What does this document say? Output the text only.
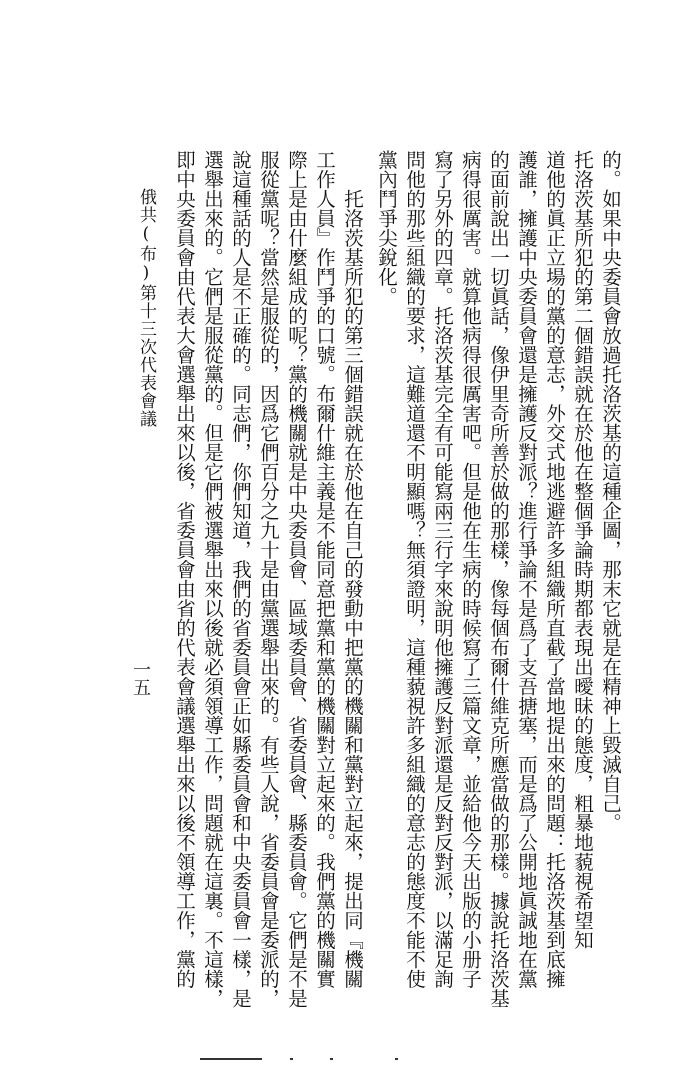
的。如果中央委員會放過托洛茨基的這種企圖，那末它就是在精神上毀滅自己。
托洛茨基所犯的第二個錯誤就在於他在整個爭論時期都表現出曖昧的態度，粗暴地藐視希望知
道他的眞正立場的黨的意志，外交式地逃避許多組織所直截了當地提出來的問題：托洛茨基到底擁
護誰，擁護中央委員會還是擁護反對派？進行爭論不是爲了支吾搪塞，而是爲了公開地眞誠地在黨
的面前說出一切眞話，像伊里奇所善於做的那樣，像每個布爾什維克所應當做的那樣。據說托洛茨基
病得很厲害。就算他病得很厲害吧。但是他在生病的時候寫了三篇文章，並給他今天出版的小册子
寫了另外的四章。托洛茨基完全有可能寫兩三行字來說明他擁護反對派還是反對反對派，以滿足詢
問他的那些組織的要求，這難道還不明顯嗎？無須證明，這種藐視許多組織的意志的態度不能不使
黨內鬥爭尖銳化。
　　托洛茨基所犯的第三個錯誤就在於他在自己的發動中把黨的機關和黨對立起來，提出同『機關
工作人員』作鬥爭的口號。布爾什維主義是不能同意把黨和黨的機關對立起來的。我們黨的機關實
際上是由什麼組成的呢？黨的機關就是中央委員會、區域委員會、省委員會、縣委員會。它們是不是
服從黨呢？當然是服從的，因爲它們百分之九十是由黨選舉出來的。有些人說，省委員會是委派的，
說這種話的人是不正確的。同志們，你們知道，我們的省委員會正如縣委員會和中央委員會一樣，是
選舉出來的。它們是服從黨的。但是它們被選舉出來以後就必須領導工作，問題就在這裏。不這樣，
即中央委員會由代表大會選舉出來以後，省委員會由省的代表會議選舉出來以後不領導工作，黨的
俄共(布)第十三次代表會議
一五
